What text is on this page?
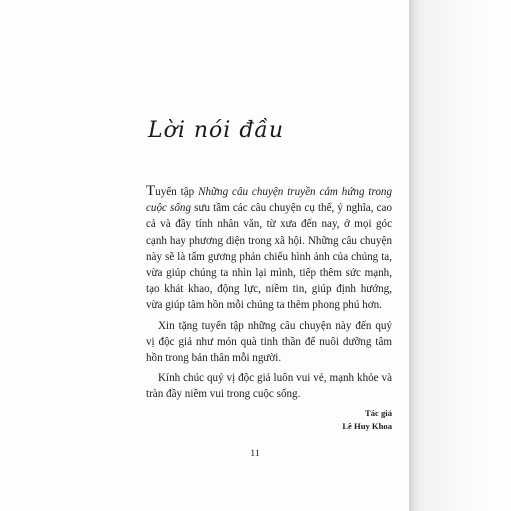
Lời nói đầu

Tuyển tập Những câu chuyện truyền cảm hứng trong cuộc sống sưu tầm các câu chuyện cụ thể, ý nghĩa, cao cả và đầy tính nhân văn, từ xưa đến nay, ở mọi góc cạnh hay phương diện trong xã hội. Những câu chuyện này sẽ là tấm gương phản chiếu hình ảnh của chúng ta, vừa giúp chúng ta nhìn lại mình, tiếp thêm sức mạnh, tạo khát khao, động lực, niềm tin, giúp định hướng, vừa giúp tâm hồn mỗi chúng ta thêm phong phú hơn.

Xin tặng tuyển tập những câu chuyện này đến quý vị độc giả như món quà tinh thần để nuôi dưỡng tâm hồn trong bản thân mỗi người.

Kính chúc quý vị độc giả luôn vui vẻ, mạnh khỏe và tràn đầy niềm vui trong cuộc sống.

Tác giả
Lê Huy Khoa
11
